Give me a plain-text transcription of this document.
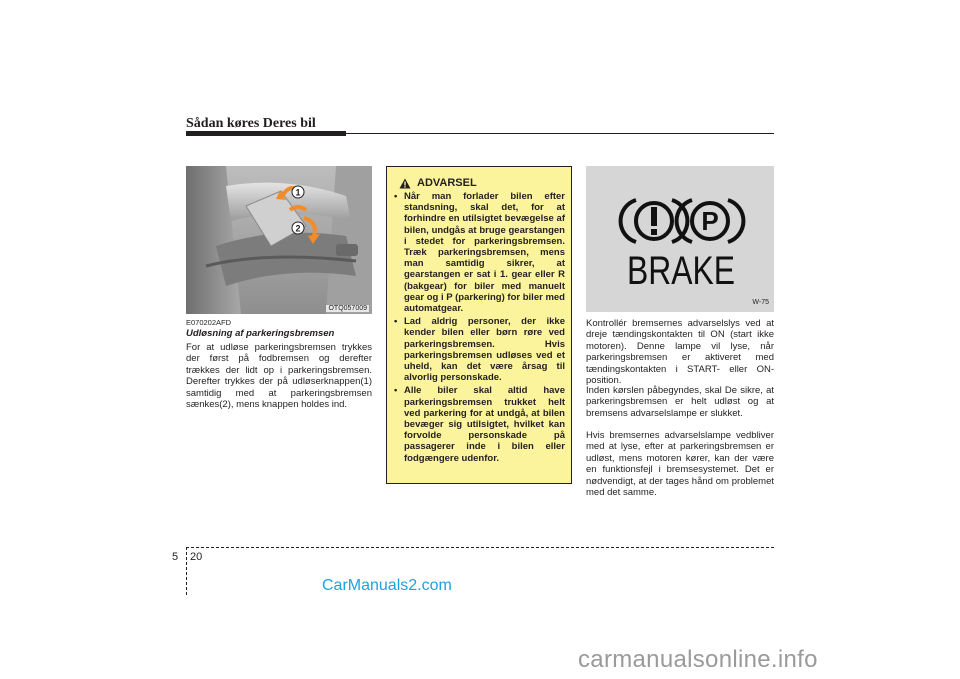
Sådan køres Deres bil
1
2
OTQ057009
E070202AFD
Udløsning af parkeringsbremsen
For at udløse parkeringsbremsen trykkes der først på fodbremsen og derefter trækkes der lidt op i parkeringsbremsen. Derefter trykkes der på udløserknappen(1) samtidig med at parkeringsbremsen sænkes(2), mens knappen holdes ind.
ADVARSEL
• Når man forlader bilen efter standsning, skal det, for at forhindre en utilsigtet bevægelse af bilen, undgås at bruge gearstangen i stedet for parkeringsbremsen. Træk parkeringsbremsen, mens man samtidig sikrer, at gearstangen er sat i 1. gear eller R (bakgear) for biler med manuelt gear og i P (parkering) for biler med automatgear.
• Lad aldrig personer, der ikke kender bilen eller børn røre ved parkeringsbremsen. Hvis parkeringsbremsen udløses ved et uheld, kan det være årsag til alvorlig personskade.
• Alle biler skal altid have parkeringsbremsen trukket helt ved parkering for at undgå, at bilen bevæger sig utilsigtet, hvilket kan forvolde personskade på passagerer inde i bilen eller fodgængere udenfor.
P
BRAKE
W-75
Kontrollér bremsernes advarselslys ved at dreje tændingskontakten til ON (start ikke motoren). Denne lampe vil lyse, når parkeringsbremsen er aktiveret med tændingskontakten i START- eller ON-position.
Inden kørslen påbegyndes, skal De sikre, at parkeringsbremsen er helt udløst og at bremsens advarselslampe er slukket.
Hvis bremsernes advarselslampe vedbliver med at lyse, efter at parkeringsbremsen er udløst, mens motoren kører, kan der være en funktionsfejl i bremsesystemet. Det er nødvendigt, at der tages hånd om problemet med det samme.
5 20
CarManuals2.com
carmanualsonline.info
